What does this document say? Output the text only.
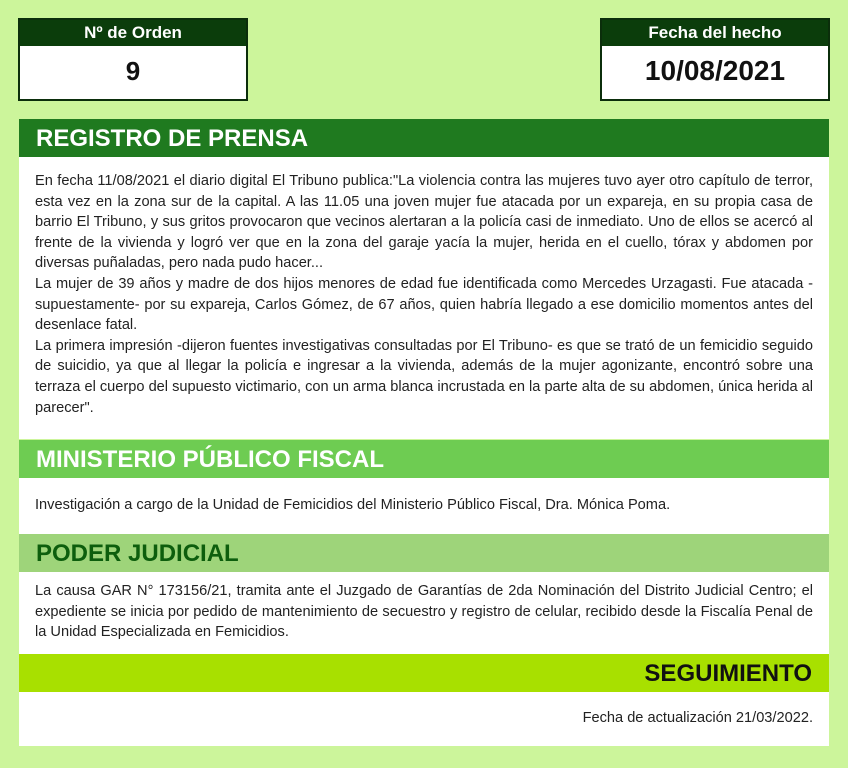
Nº de Orden
9
Fecha del hecho
10/08/2021
REGISTRO DE PRENSA

En fecha 11/08/2021 el diario digital El Tribuno publica:"La violencia contra las mujeres tuvo ayer otro capítulo de terror, esta vez en la zona sur de la capital. A las 11.05 una joven mujer fue atacada por un expareja, en su propia casa de barrio El Tribuno, y sus gritos provocaron que vecinos alertaran a la policía casi de inmediato. Uno de ellos se acercó al frente de la vivienda y logró ver que en la zona del garaje yacía la mujer, herida en el cuello, tórax y abdomen por diversas puñaladas, pero nada pudo hacer...

La mujer de 39 años y madre de dos hijos menores de edad fue identificada como Mercedes Urzagasti. Fue atacada -supuestamente- por su expareja, Carlos Gómez, de 67 años, quien habría llegado a ese domicilio momentos antes del desenlace fatal.

La primera impresión -dijeron fuentes investigativas consultadas por El Tribuno- es que se trató de un femicidio seguido de suicidio, ya que al llegar la policía e ingresar a la vivienda, además de la mujer agonizante, encontró sobre una terraza el cuerpo del supuesto victimario, con un arma blanca incrustada en la parte alta de su abdomen, única herida al parecer".

MINISTERIO PÚBLICO FISCAL

Investigación a cargo de la Unidad de Femicidios del Ministerio Público Fiscal, Dra. Mónica Poma.

PODER JUDICIAL

La causa GAR N° 173156/21, tramita ante el Juzgado de Garantías de 2da Nominación del Distrito Judicial Centro; el expediente se inicia por pedido de mantenimiento de secuestro y registro de celular, recibido desde la Fiscalía Penal de la Unidad Especializada en Femicidios.

SEGUIMIENTO

Fecha de actualización 21/03/2022.
